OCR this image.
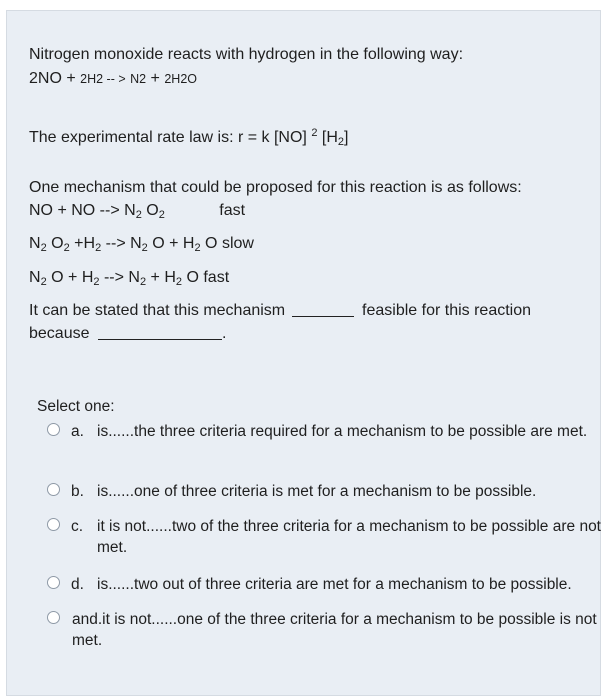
Nitrogen monoxide reacts with hydrogen in the following way:
2NO + 2H2 -- > N2 + 2H2O
The experimental rate law is: r = k [NO] $^2$ $[H_2]$
One mechanism that could be proposed for this reaction is as follows:
NO + NO --> $N_2$ $O_2$	fast
$N_2$ $O_2 +H_2$ --> $N_2$ $O + H_2$ O slow
$N_2$ $O + H_2$ --> $N_2 + H_2$ O fast
It can be stated that this mechanism	feasible for this reaction
because	.
Select one:
a. is......the three criteria required for a mechanism to be possible are met.
b. is......one of three criteria is met for a mechanism to be possible.
c. it is not......two of the three criteria for a mechanism to be possible are not met.
d. is......two out of three criteria are met for a mechanism to be possible.
and.it is not......one of the three criteria for a mechanism to be possible is not met.
